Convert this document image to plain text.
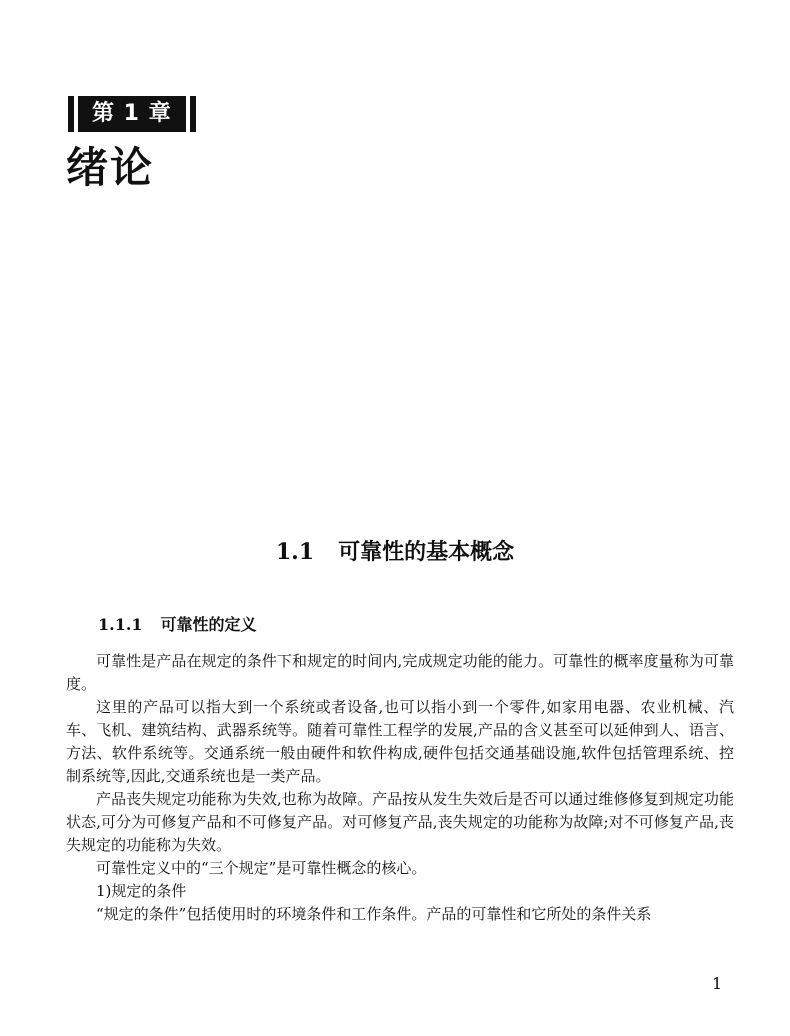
第 1 章
绪论
1.1 可靠性的基本概念
1.1.1 可靠性的定义

可靠性是产品在规定的条件下和规定的时间内,完成规定功能的能力。可靠性的概率度量称为可靠度。

这里的产品可以指大到一个系统或者设备,也可以指小到一个零件,如家用电器、农业机械、汽车、飞机、建筑结构、武器系统等。随着可靠性工程学的发展,产品的含义甚至可以延伸到人、语言、方法、软件系统等。交通系统一般由硬件和软件构成,硬件包括交通基础设施,软件包括管理系统、控制系统等,因此,交通系统也是一类产品。

产品丧失规定功能称为失效,也称为故障。产品按从发生失效后是否可以通过维修修复到规定功能状态,可分为可修复产品和不可修复产品。对可修复产品,丧失规定的功能称为故障;对不可修复产品,丧失规定的功能称为失效。

可靠性定义中的“三个规定”是可靠性概念的核心。

1)规定的条件

“规定的条件”包括使用时的环境条件和工作条件。产品的可靠性和它所处的条件关系

1
